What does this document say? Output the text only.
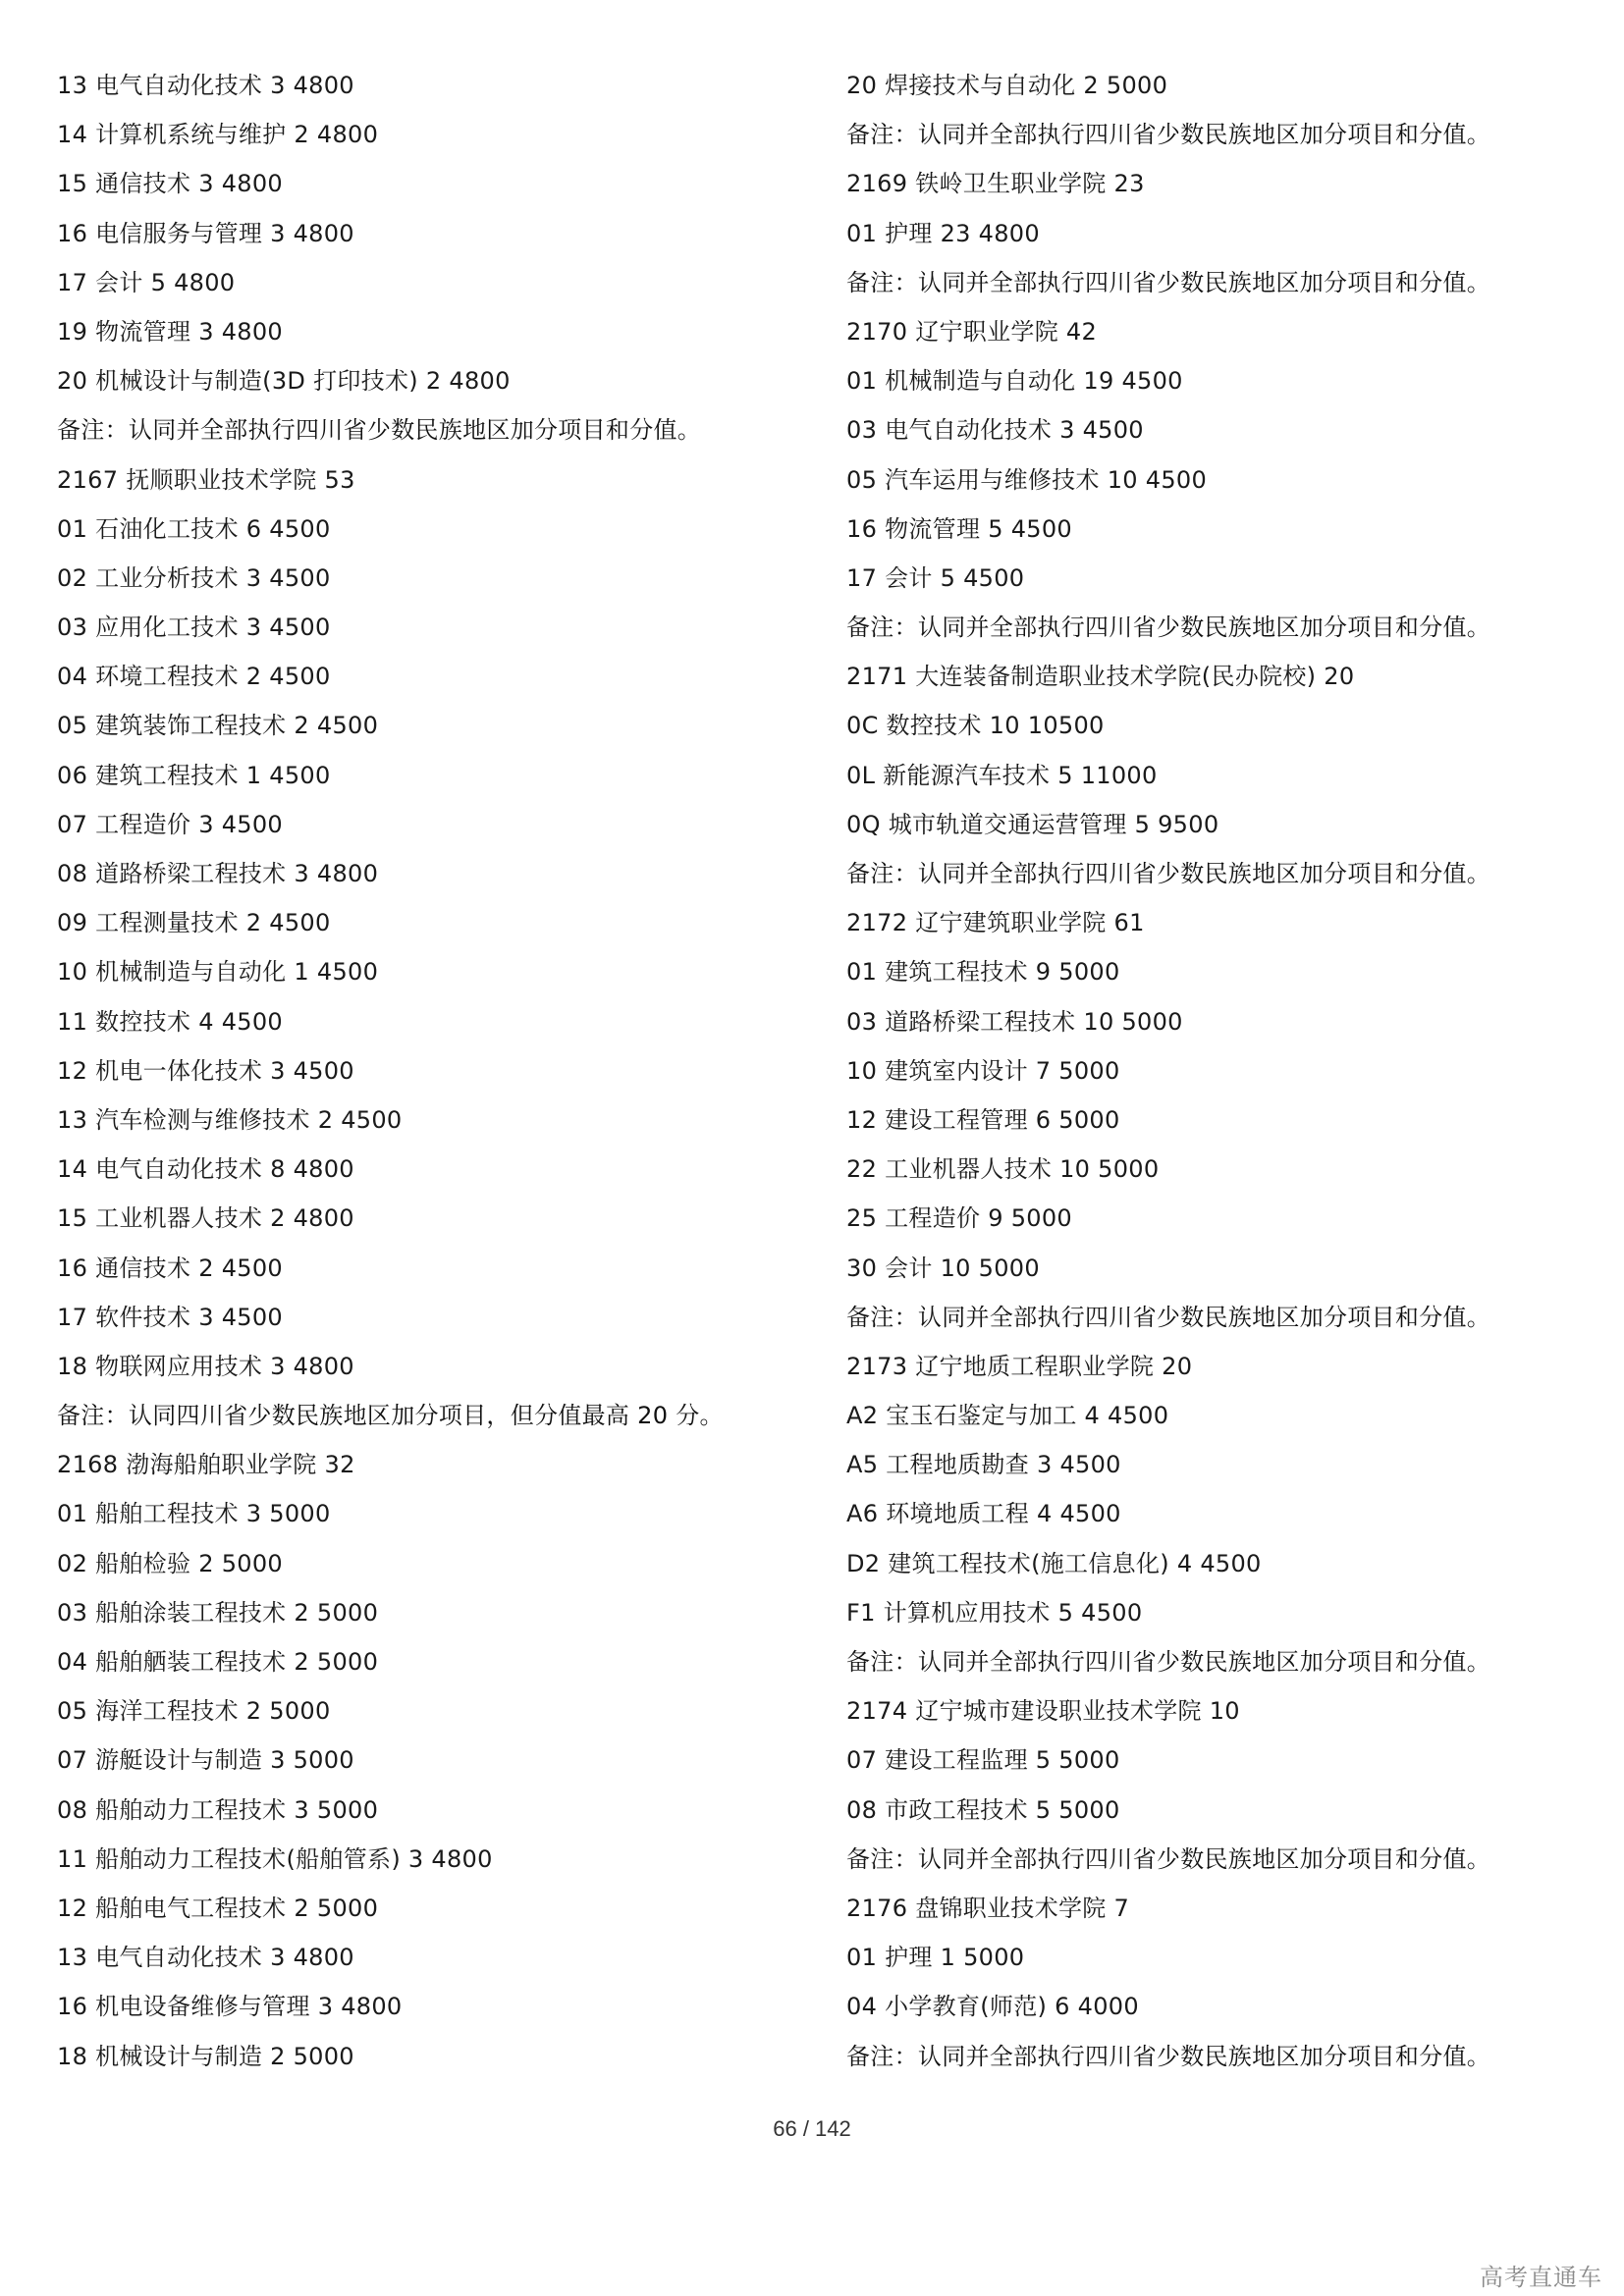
13 电气自动化技术 3 4800
14 计算机系统与维护 2 4800
15 通信技术 3 4800
16 电信服务与管理 3 4800
17 会计 5 4800
19 物流管理 3 4800
20 机械设计与制造(3D 打印技术) 2 4800
备注：认同并全部执行四川省少数民族地区加分项目和分值。
2167 抚顺职业技术学院 53
01 石油化工技术 6 4500
02 工业分析技术 3 4500
03 应用化工技术 3 4500
04 环境工程技术 2 4500
05 建筑装饰工程技术 2 4500
06 建筑工程技术 1 4500
07 工程造价 3 4500
08 道路桥梁工程技术 3 4800
09 工程测量技术 2 4500
10 机械制造与自动化 1 4500
11 数控技术 4 4500
12 机电一体化技术 3 4500
13 汽车检测与维修技术 2 4500
14 电气自动化技术 8 4800
15 工业机器人技术 2 4800
16 通信技术 2 4500
17 软件技术 3 4500
18 物联网应用技术 3 4800
备注：认同四川省少数民族地区加分项目，但分值最高 20 分。
2168 渤海船舶职业学院 32
01 船舶工程技术 3 5000
02 船舶检验 2 5000
03 船舶涂装工程技术 2 5000
04 船舶舾装工程技术 2 5000
05 海洋工程技术 2 5000
07 游艇设计与制造 3 5000
08 船舶动力工程技术 3 5000
11 船舶动力工程技术(船舶管系) 3 4800
12 船舶电气工程技术 2 5000
13 电气自动化技术 3 4800
16 机电设备维修与管理 3 4800
18 机械设计与制造 2 5000
20 焊接技术与自动化 2 5000
备注：认同并全部执行四川省少数民族地区加分项目和分值。
2169 铁岭卫生职业学院 23
01 护理 23 4800
备注：认同并全部执行四川省少数民族地区加分项目和分值。
2170 辽宁职业学院 42
01 机械制造与自动化 19 4500
03 电气自动化技术 3 4500
05 汽车运用与维修技术 10 4500
16 物流管理 5 4500
17 会计 5 4500
备注：认同并全部执行四川省少数民族地区加分项目和分值。
2171 大连装备制造职业技术学院(民办院校) 20
0C 数控技术 10 10500
0L 新能源汽车技术 5 11000
0Q 城市轨道交通运营管理 5 9500
备注：认同并全部执行四川省少数民族地区加分项目和分值。
2172 辽宁建筑职业学院 61
01 建筑工程技术 9 5000
03 道路桥梁工程技术 10 5000
10 建筑室内设计 7 5000
12 建设工程管理 6 5000
22 工业机器人技术 10 5000
25 工程造价 9 5000
30 会计 10 5000
备注：认同并全部执行四川省少数民族地区加分项目和分值。
2173 辽宁地质工程职业学院 20
A2 宝玉石鉴定与加工 4 4500
A5 工程地质勘查 3 4500
A6 环境地质工程 4 4500
D2 建筑工程技术(施工信息化) 4 4500
F1 计算机应用技术 5 4500
备注：认同并全部执行四川省少数民族地区加分项目和分值。
2174 辽宁城市建设职业技术学院 10
07 建设工程监理 5 5000
08 市政工程技术 5 5000
备注：认同并全部执行四川省少数民族地区加分项目和分值。
2176 盘锦职业技术学院 7
01 护理 1 5000
04 小学教育(师范) 6 4000
备注：认同并全部执行四川省少数民族地区加分项目和分值。
66 / 142
高考直通车
